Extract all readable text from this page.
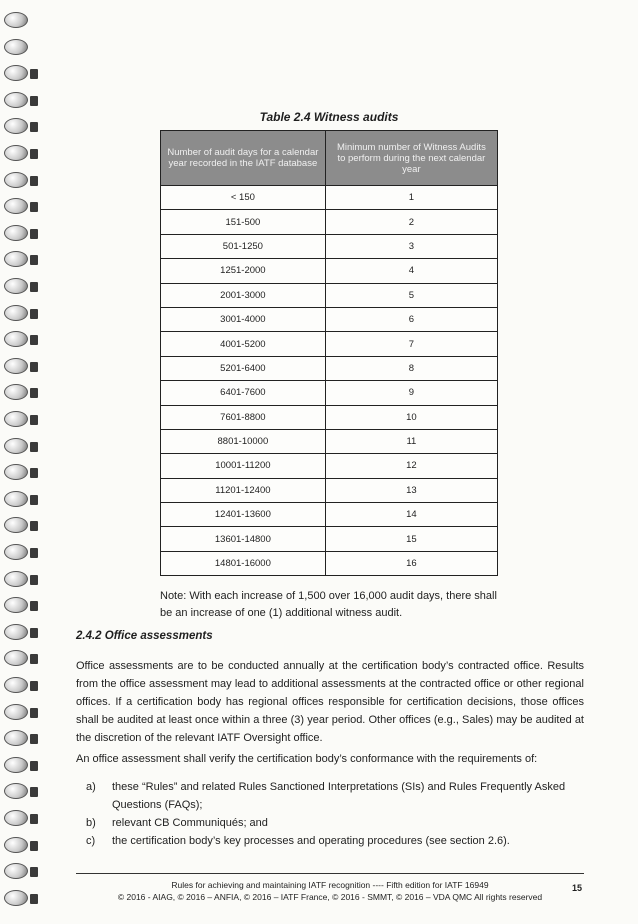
Table 2.4 Witness audits
Number of audit days for a calendar year recorded in the IATF database	Minimum number of Witness Audits to perform during the next calendar year
< 150	1
151-500	2
501-1250	3
1251-2000	4
2001-3000	5
3001-4000	6
4001-5200	7
5201-6400	8
6401-7600	9
7601-8800	10
8801-10000	11
10001-11200	12
11201-12400	13
12401-13600	14
13601-14800	15
14801-16000	16
Note: With each increase of 1,500 over 16,000 audit days, there shall be an increase of one (1) additional witness audit.
2.4.2 Office assessments
Office assessments are to be conducted annually at the certification body’s contracted office. Results from the office assessment may lead to additional assessments at the contracted office or other regional offices. If a certification body has regional offices responsible for certification decisions, those offices shall be audited at least once within a three (3) year period. Other offices (e.g., Sales) may be audited at the discretion of the relevant IATF Oversight office.
An office assessment shall verify the certification body’s conformance with the requirements of:
a)	these “Rules” and related Rules Sanctioned Interpretations (SIs) and Rules Frequently Asked Questions (FAQs);
b)	relevant CB Communiqués; and
c)	the certification body’s key processes and operating procedures (see section 2.6).
Rules for achieving and maintaining IATF recognition ---- Fifth edition for IATF 16949
© 2016 - AIAG, © 2016 – ANFIA, © 2016 – IATF France, © 2016 - SMMT, © 2016 – VDA QMC All rights reserved
15
